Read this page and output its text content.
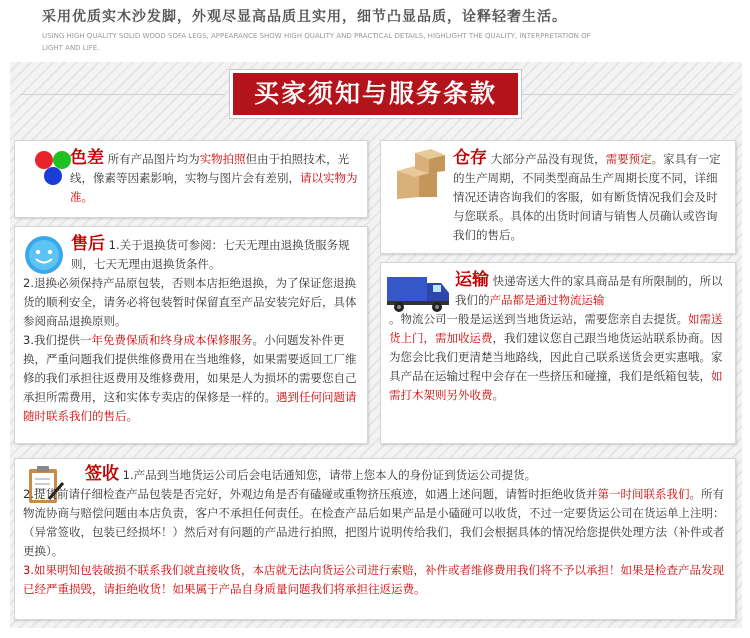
采用优质实木沙发脚，外观尽显高品质且实用，细节凸显品质，诠释轻奢生活。
USING HIGH QUALITY SOLID WOOD SOFA LEGS, APPEARANCE SHOW HIGH QUALITY AND PRACTICAL DETAILS, HIGHLIGHT THE QUALITY, INTERPRETATION OF LIGHT AND LIFE.
买家须知与服务条款
色差 所有产品图片均为实物拍照但由于拍照技术，光线，像素等因素影响，实物与图片会有差别，请以实物为准。
仓存 大部分产品没有现货，需要预定。家具有一定的生产周期，不同类型商品生产周期长度不同，详细情况还请咨询我们的客服，如有断货情况我们会及时与您联系。具体的出货时间请与销售人员确认或咨询我们的售后。
售后 1.关于退换货可参阅：七天无理由退换货服务规则，七天无理由退换货条件。
2.退换必须保持产品原包装，否则本店拒绝退换，为了保证您退换货的顺利安全，请务必将包装暂时保留直至产品安装完好后，具体参阅商品退换原则。
3.我们提供一年免费保质和终身成本保修服务。小问题发补件更换，严重问题我们提供维修费用在当地维修，如果需要返回工厂维修的我们承担往返费用及维修费用，如果是人为损坏的需要您自己承担所需费用，这和实体专卖店的保修是一样的。遇到任何问题请随时联系我们的售后。
运输 快递寄送大件的家具商品是有所限制的，所以我们的产品都是通过物流运输
。物流公司一般是运送到当地货运站，需要您亲自去提货。如需送货上门，需加收运费，我们建议您自己跟当地货运站联系协商。因为您会比我们更清楚当地路线，因此自己联系送货会更实惠哦。家具产品在运输过程中会存在一些挤压和碰撞，我们是纸箱包装，如需打木架则另外收费。
签收 1.产品到当地货运公司后会电话通知您，请带上您本人的身份证到货运公司提货。
2.提货前请仔细检查产品包装是否完好，外观边角是否有磕碰或重物挤压痕迹，如遇上述问题，请暂时拒绝收货并第一时间联系我们。所有物流协商与赔偿问题由本店负责，客户不承担任何责任。在检查产品后如果产品是小磕碰可以收货，不过一定要货运公司在货运单上注明：（异常签收，包装已经损坏！）然后对有问题的产品进行拍照，把图片说明传给我们，我们会根据具体的情况给您提供处理方法（补件或者更换）。
3.如果明知包装破损不联系我们就直接收货，本店就无法向货运公司进行索赔，补件或者维修费用我们将不予以承担！如果是检查产品发现已经严重损毁，请拒绝收货！如果属于产品自身质量问题我们将承担往返运费。
